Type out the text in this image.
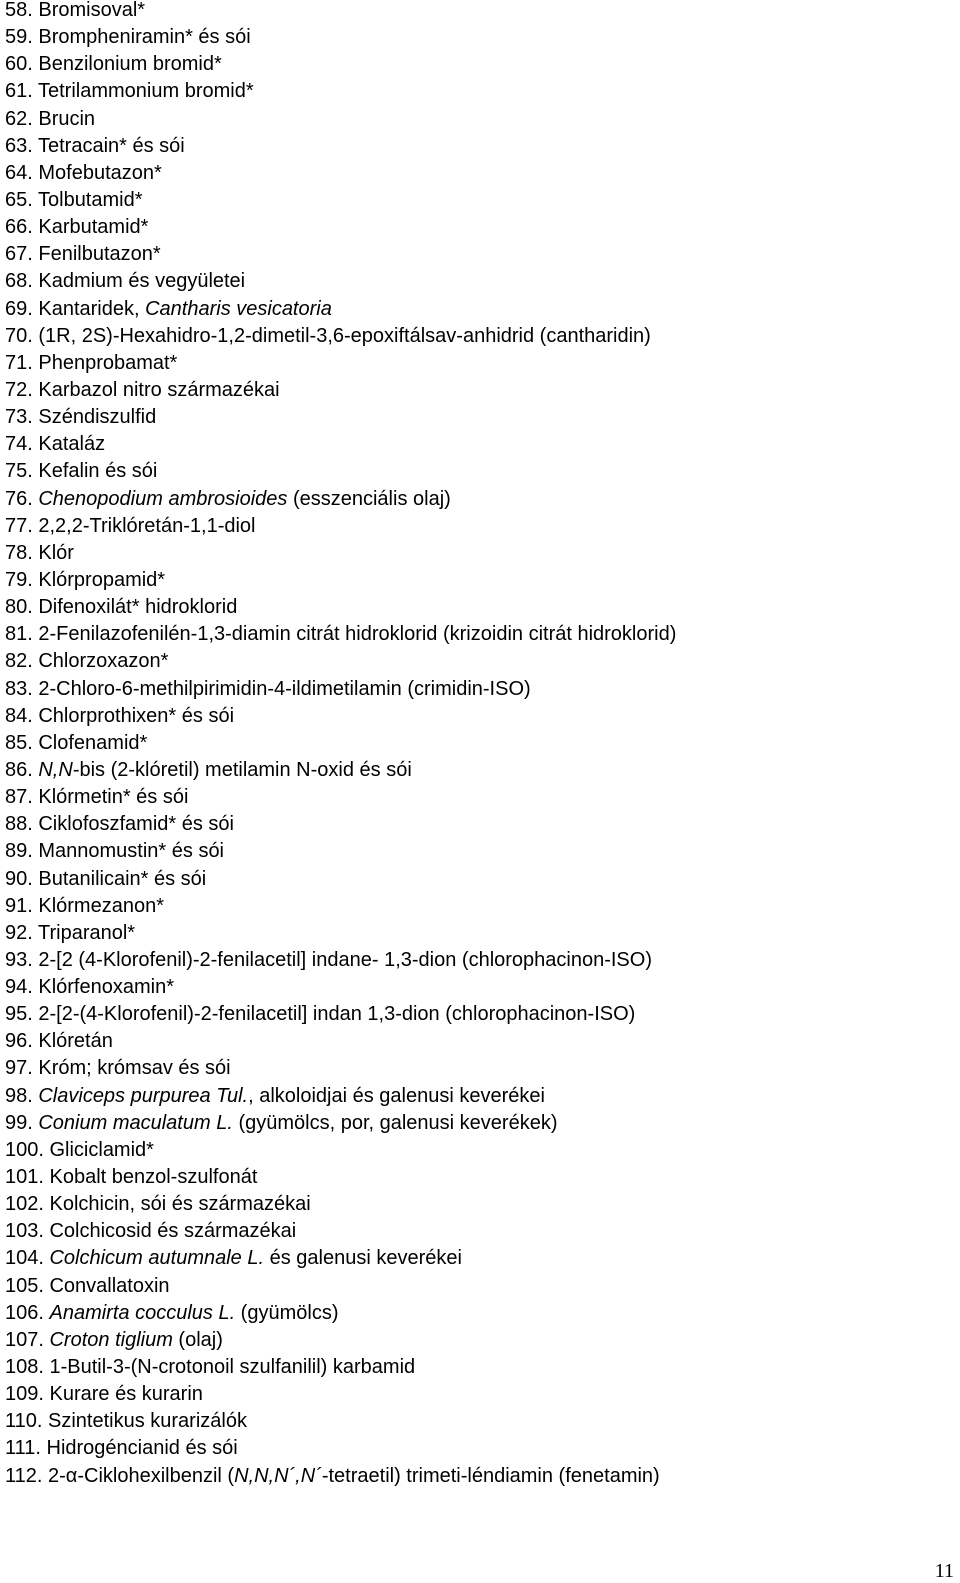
58. Bromisoval*
59. Brompheniramin* és sói
60. Benzilonium bromid*
61. Tetrilammonium bromid*
62. Brucin
63. Tetracain* és sói
64. Mofebutazon*
65. Tolbutamid*
66. Karbutamid*
67. Fenilbutazon*
68. Kadmium és vegyületei
69. Kantaridek, Cantharis vesicatoria
70. (1R, 2S)-Hexahidro-1,2-dimetil-3,6-epoxiftálsav-anhidrid (cantharidin)
71. Phenprobamat*
72. Karbazol nitro származékai
73. Széndiszulfid
74. Kataláz
75. Kefalin és sói
76. Chenopodium ambrosioides (esszenciális olaj)
77. 2,2,2-Triklóretán-1,1-diol
78. Klór
79. Klórpropamid*
80. Difenoxilát* hidroklorid
81. 2-Fenilazofenilén-1,3-diamin citrát hidroklorid (krizoidin citrát hidroklorid)
82. Chlorzoxazon*
83. 2-Chloro-6-methilpirimidin-4-ildimetilamin (crimidin-ISO)
84. Chlorprothixen* és sói
85. Clofenamid*
86. N,N-bis (2-klóretil) metilamin N-oxid és sói
87. Klórmetin* és sói
88. Ciklofoszfamid* és sói
89. Mannomustin* és sói
90. Butanilicain* és sói
91. Klórmezanon*
92. Triparanol*
93. 2-[2 (4-Klorofenil)-2-fenilacetil] indane- 1,3-dion (chlorophacinon-ISO)
94. Klórfenoxamin*
95. 2-[2-(4-Klorofenil)-2-fenilacetil] indan 1,3-dion (chlorophacinon-ISO)
96. Klóretán
97. Króm; krómsav és sói
98. Claviceps purpurea Tul., alkoloidjai és galenusi keverékei
99. Conium maculatum L. (gyümölcs, por, galenusi keverékek)
100. Gliciclamid*
101. Kobalt benzol-szulfonát
102. Kolchicin, sói és származékai
103. Colchicosid és származékai
104. Colchicum autumnale L. és galenusi keverékei
105. Convallatoxin
106. Anamirta cocculus L. (gyümölcs)
107. Croton tiglium (olaj)
108. 1-Butil-3-(N-crotonoil szulfanilil) karbamid
109. Kurare és kurarin
110. Szintetikus kurarizálók
111. Hidrogéncianid és sói
112. 2-α-Ciklohexilbenzil (N,N,N´,N´-tetraetil) trimeti-léndiamin (fenetamin)
11
